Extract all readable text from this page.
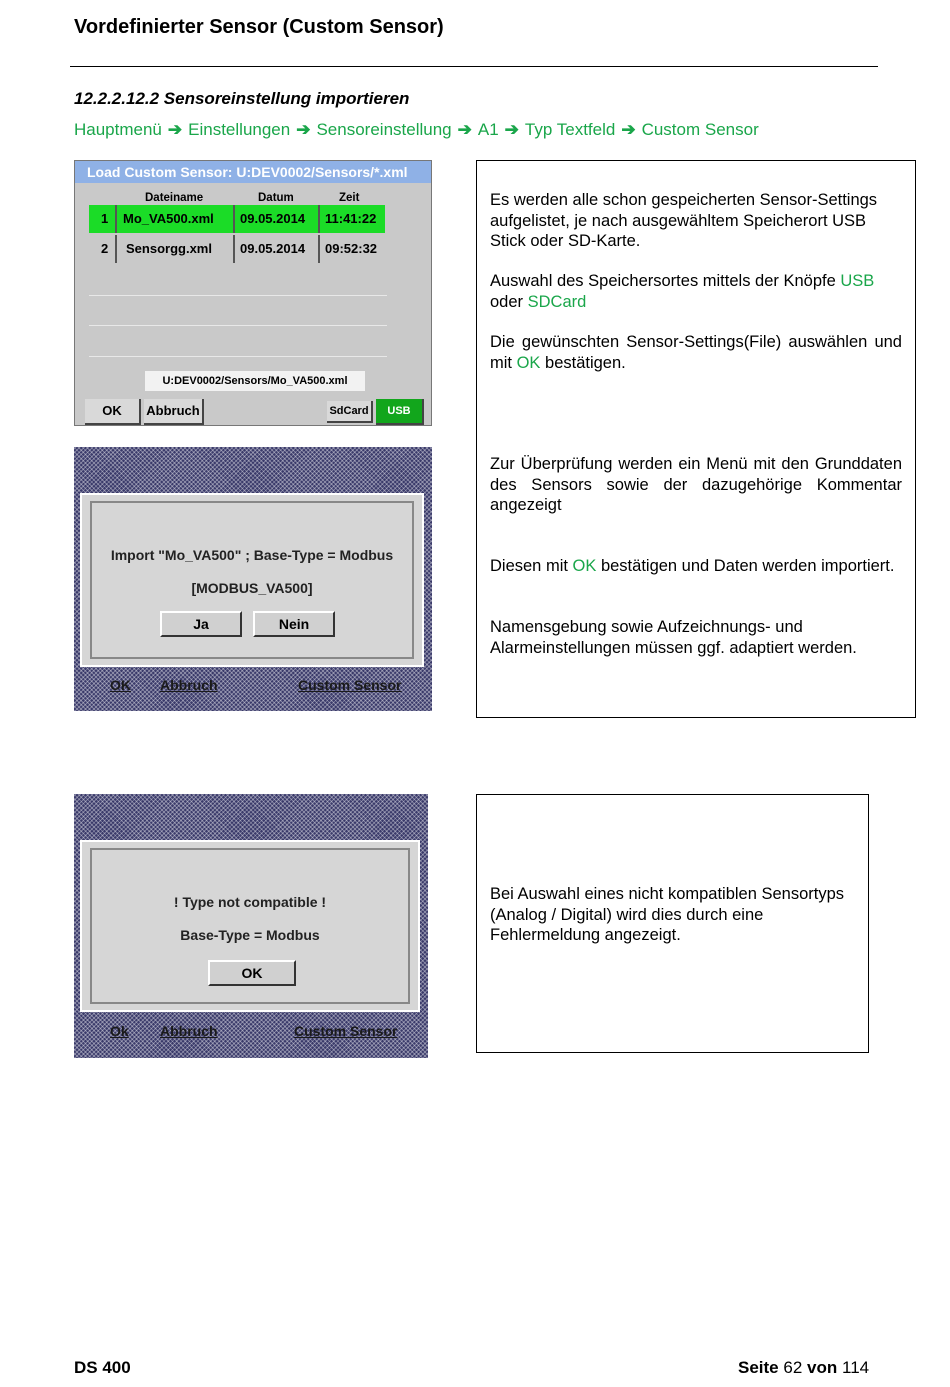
Vordefinierter Sensor (Custom Sensor)
12.2.2.12.2 Sensoreinstellung importieren
Hauptmenü ➔ Einstellungen ➔ Sensoreinstellung ➔ A1 ➔ Typ Textfeld ➔ Custom Sensor
Load Custom Sensor: U:DEV0002/Sensors/*.xml
Dateiname	Datum	Zeit
1 Mo_VA500.xml 09.05.2014 11:41:22
2 Sensorgg.xml 09.05.2014 09:52:32
U:DEV0002/Sensors/Mo_VA500.xml
OK	Abbruch	SdCard	USB
Es werden alle schon gespeicherten Sensor-Settings aufgelistet, je nach ausgewähltem Speicherort USB Stick oder SD-Karte.
Auswahl des Speichersortes mittels der Knöpfe USB oder SDCard
Die gewünschten Sensor-Settings(File) auswählen und mit OK bestätigen.
Zur Überprüfung werden ein Menü mit den Grunddaten des Sensors sowie der dazugehörige Kommentar angezeigt
Diesen mit OK bestätigen und Daten werden importiert.
Namensgebung sowie Aufzeichnungs- und Alarmeinstellungen müssen ggf. adaptiert werden.
Import "Mo_VA500" ; Base-Type = Modbus
[MODBUS_VA500]
Ja	Nein
OK Abbruch	Custom Sensor
! Type not compatible !
Base-Type = Modbus
OK
Ok Abbruch	Custom Sensor
Bei Auswahl eines nicht kompatiblen Sensortyps (Analog / Digital) wird dies durch eine Fehlermeldung angezeigt.
DS 400	Seite 62 von 114
